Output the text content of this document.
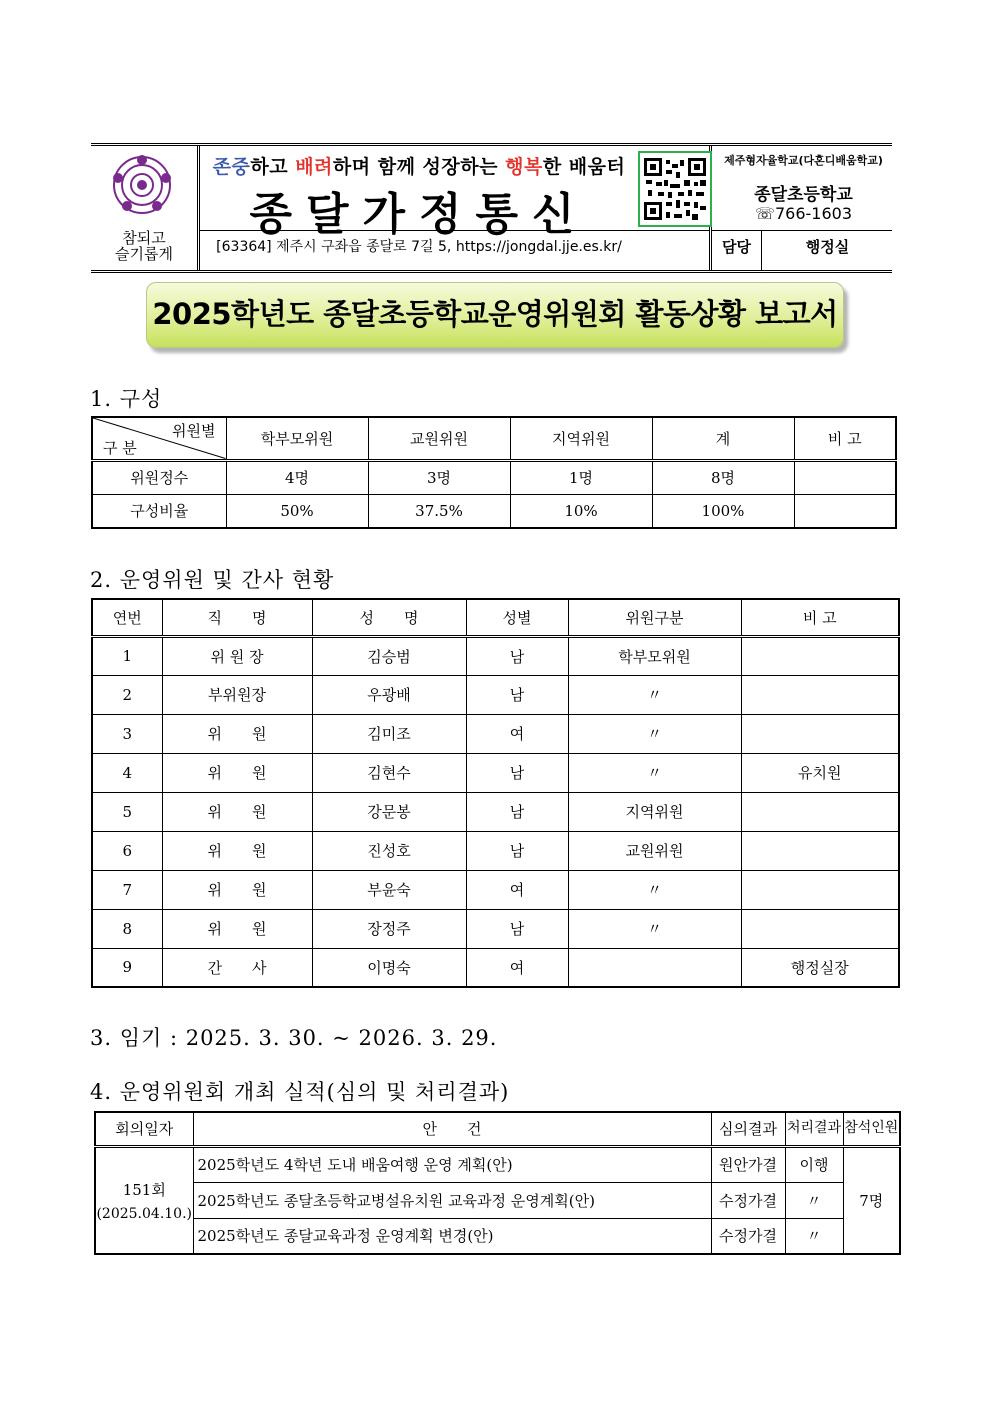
참되고
슬기롭게
존중하고 배려하며 함께 성장하는 행복한 배움터
종달가정통신
[63364] 제주시 구좌읍 종달로 7길 5, https://jongdal.jje.es.kr/
제주형자율학교(다혼디배움학교)
종달초등학교
☏766-1603
담당	행정실
2025학년도 종달초등학교운영위원회 활동상황 보고서
1. 구성
위원별
구 분	학부모위원	교원위원	지역위원	계	비 고
위원정수	4명	3명	1명	8명	
구성비율	50%	37.5%	10%	100%	
2. 운영위원 및 간사 현황
연번	직　　명	성　　명	성별	위원구분	비 고
1	위 원 장	김승범	남	학부모위원	
2	부위원장	우광배	남	〃	
3	위　　원	김미조	여	〃	
4	위　　원	김현수	남	〃	유치원
5	위　　원	강문봉	남	지역위원	
6	위　　원	진성호	남	교원위원	
7	위　　원	부윤숙	여	〃	
8	위　　원	장정주	남	〃	
9	간　　사	이명숙	여		행정실장
3. 임기 : 2025. 3. 30. ~ 2026. 3. 29.
4. 운영위원회 개최 실적(심의 및 처리결과)
회의일자	안　　건	심의결과	처리결과	참석인원

151회
(2025.04.10.)	2025학년도 4학년 도내 배움여행 운영 계획(안)	원안가결	이행	7명
	2025학년도 종달초등학교병설유치원 교육과정 운영계획(안)	수정가결	〃	
	2025학년도 종달교육과정 운영계획 변경(안)	수정가결	〃	
